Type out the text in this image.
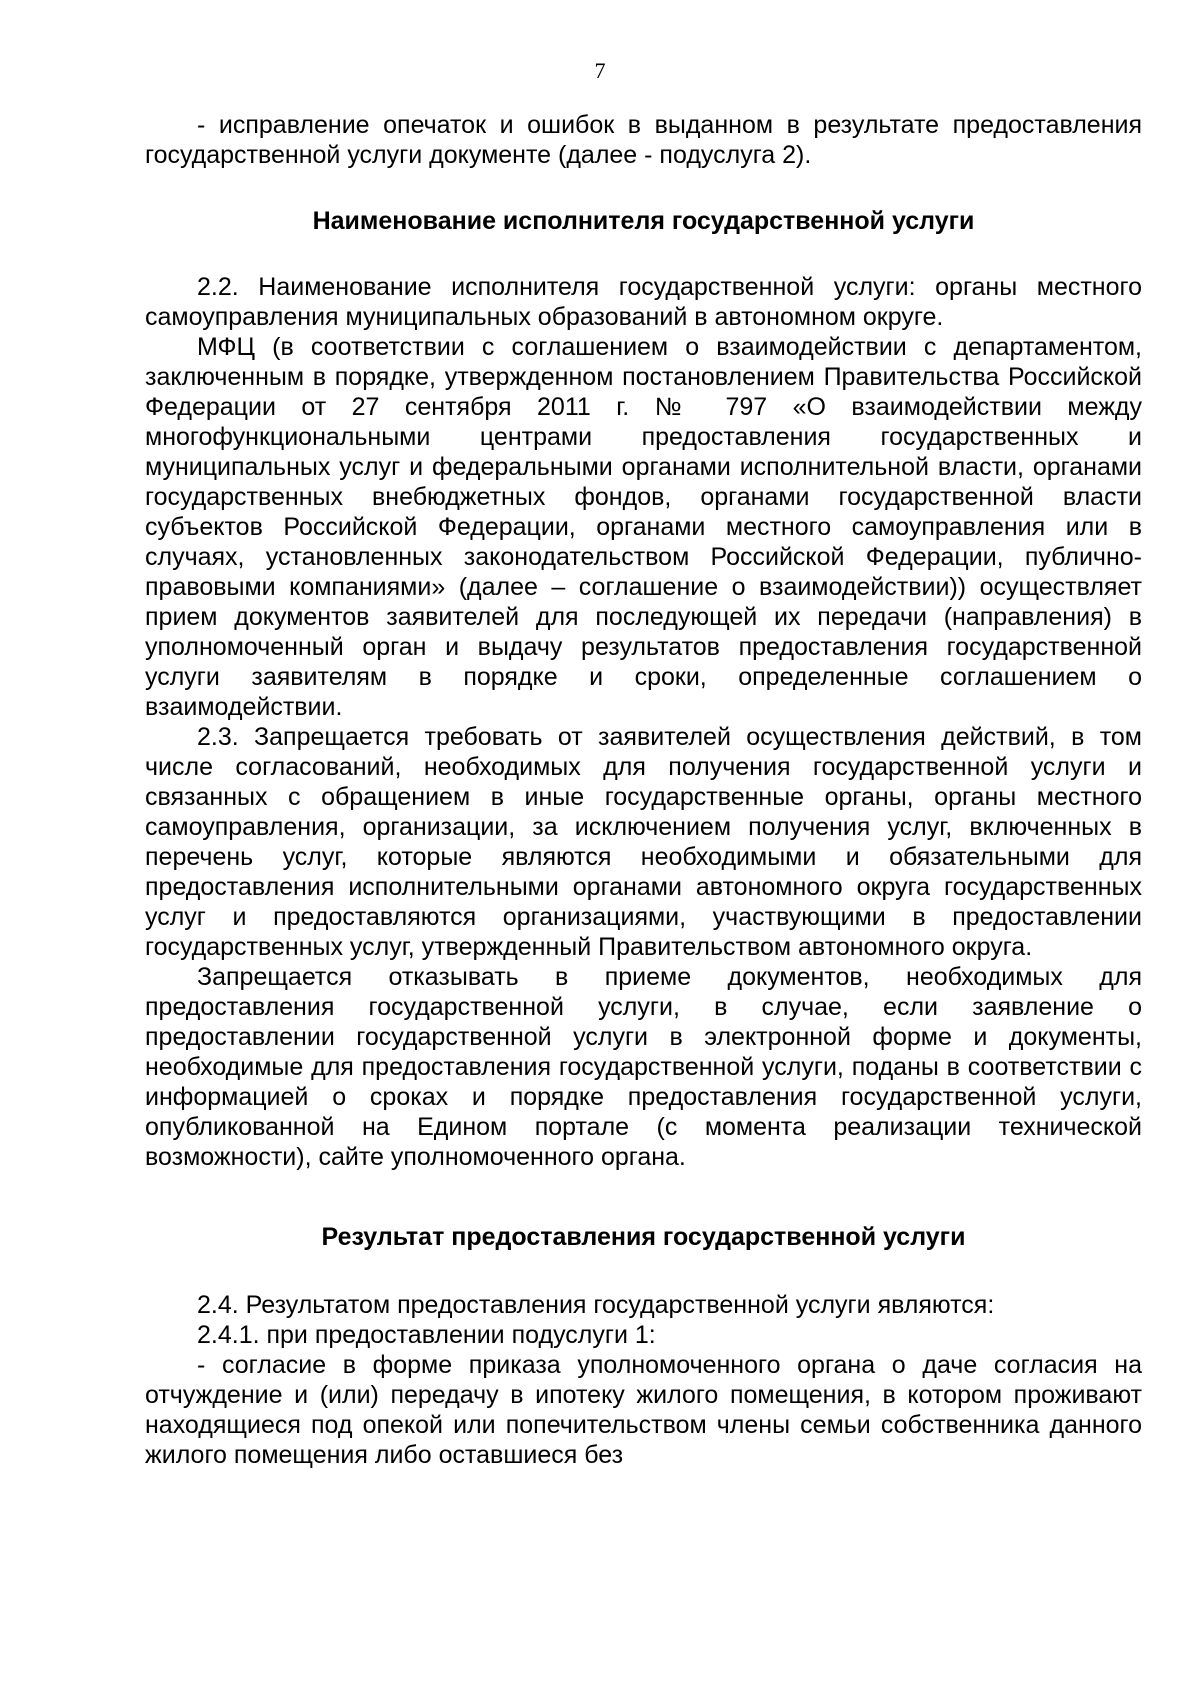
7

- исправление опечаток и ошибок в выданном в результате предоставления государственной услуги документе (далее - подуслуга 2).

Наименование исполнителя государственной услуги

2.2. Наименование исполнителя государственной услуги: органы местного самоуправления муниципальных образований в автономном округе.

МФЦ (в соответствии с соглашением о взаимодействии с департаментом, заключенным в порядке, утвержденном постановлением Правительства Российской Федерации от 27 сентября 2011 г. № 797 «О взаимодействии между многофункциональными центрами предоставления государственных и муниципальных услуг и федеральными органами исполнительной власти, органами государственных внебюджетных фондов, органами государственной власти субъектов Российской Федерации, органами местного самоуправления или в случаях, установленных законодательством Российской Федерации, публично-правовыми компаниями» (далее – соглашение о взаимодействии)) осуществляет прием документов заявителей для последующей их передачи (направления) в уполномоченный орган и выдачу результатов предоставления государственной услуги заявителям в порядке и сроки, определенные соглашением о взаимодействии.

2.3. Запрещается требовать от заявителей осуществления действий, в том числе согласований, необходимых для получения государственной услуги и связанных с обращением в иные государственные органы, органы местного самоуправления, организации, за исключением получения услуг, включенных в перечень услуг, которые являются необходимыми и обязательными для предоставления исполнительными органами автономного округа государственных услуг и предоставляются организациями, участвующими в предоставлении государственных услуг, утвержденный Правительством автономного округа.

Запрещается отказывать в приеме документов, необходимых для предоставления государственной услуги, в случае, если заявление о предоставлении государственной услуги в электронной форме и документы, необходимые для предоставления государственной услуги, поданы в соответствии с информацией о сроках и порядке предоставления государственной услуги, опубликованной на Едином портале (с момента реализации технической возможности), сайте уполномоченного органа.

Результат предоставления государственной услуги

2.4. Результатом предоставления государственной услуги являются:

2.4.1. при предоставлении подуслуги 1:

- согласие в форме приказа уполномоченного органа о даче согласия на отчуждение и (или) передачу в ипотеку жилого помещения, в котором проживают находящиеся под опекой или попечительством члены семьи собственника данного жилого помещения либо оставшиеся без
